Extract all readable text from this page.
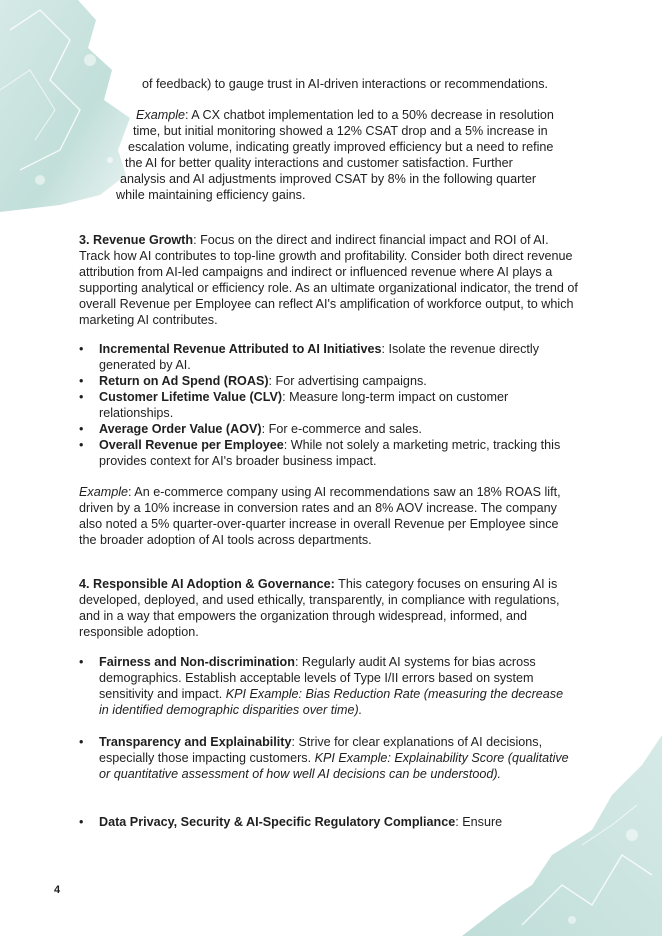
of feedback) to gauge trust in AI-driven interactions or recommendations.
Example: A CX chatbot implementation led to a 50% decrease in resolution
time, but initial monitoring showed a 12% CSAT drop and a 5% increase in
escalation volume, indicating greatly improved efficiency but a need to refine
the AI for better quality interactions and customer satisfaction. Further
analysis and AI adjustments improved CSAT by 8% in the following quarter
while maintaining efficiency gains.

3. Revenue Growth: Focus on the direct and indirect financial impact and ROI of AI. Track how AI contributes to top-line growth and profitability. Consider both direct revenue attribution from AI-led campaigns and indirect or influenced revenue where AI plays a supporting analytical or efficiency role. As an ultimate organizational indicator, the trend of overall Revenue per Employee can reflect AI's amplification of workforce output, to which marketing AI contributes.

•	Incremental Revenue Attributed to AI Initiatives: Isolate the revenue directly generated by AI.
•	Return on Ad Spend (ROAS): For advertising campaigns.
•	Customer Lifetime Value (CLV): Measure long-term impact on customer relationships.
•	Average Order Value (AOV): For e-commerce and sales.
•	Overall Revenue per Employee: While not solely a marketing metric, tracking this provides context for AI's broader business impact.

Example: An e-commerce company using AI recommendations saw an 18% ROAS lift, driven by a 10% increase in conversion rates and an 8% AOV increase. The company also noted a 5% quarter-over-quarter increase in overall Revenue per Employee since the broader adoption of AI tools across departments.

4. Responsible AI Adoption & Governance: This category focuses on ensuring AI is developed, deployed, and used ethically, transparently, in compliance with regulations, and in a way that empowers the organization through widespread, informed, and responsible adoption.

•	Fairness and Non-discrimination: Regularly audit AI systems for bias across demographics. Establish acceptable levels of Type I/II errors based on system sensitivity and impact. KPI Example: Bias Reduction Rate (measuring the decrease in identified demographic disparities over time).
•	Transparency and Explainability: Strive for clear explanations of AI decisions, especially those impacting customers. KPI Example: Explainability Score (qualitative or quantitative assessment of how well AI decisions can be understood).
•	Data Privacy, Security & AI-Specific Regulatory Compliance: Ensure
4
